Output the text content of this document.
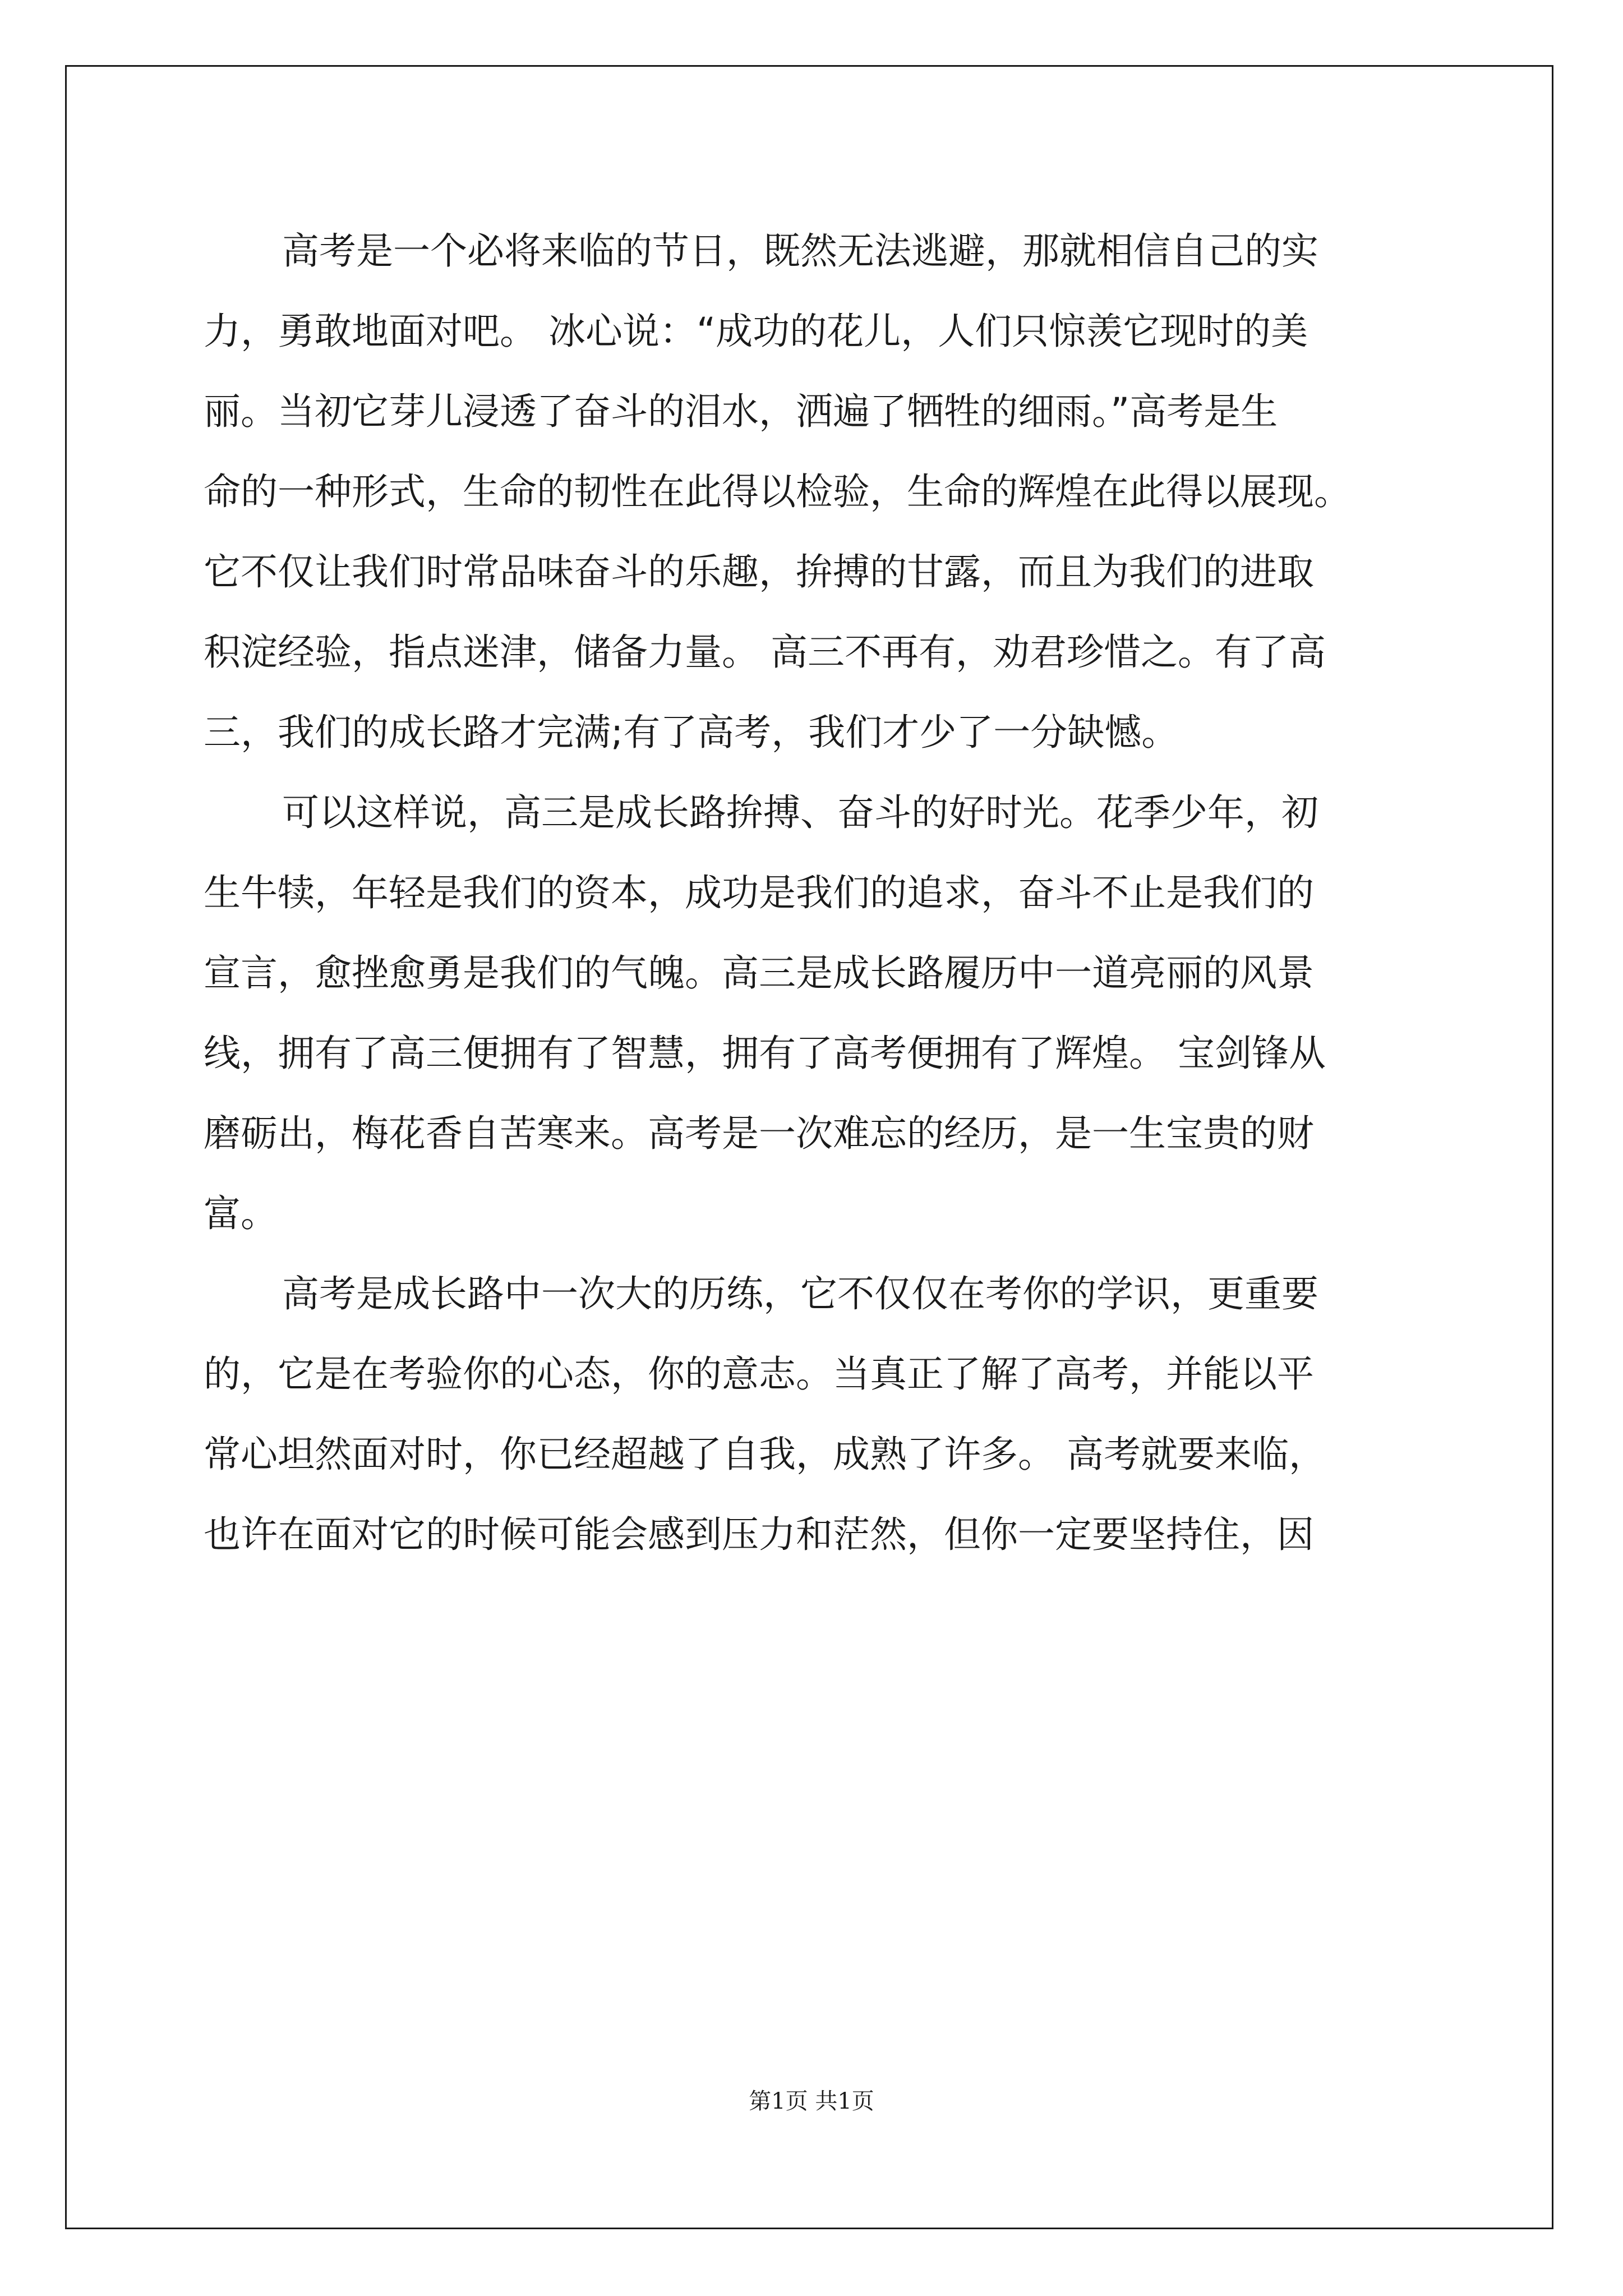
高考是一个必将来临的节日，既然无法逃避，那就相信自己的实
力，勇敢地面对吧。 冰心说：“成功的花儿，人们只惊羡它现时的美
丽。当初它芽儿浸透了奋斗的泪水，洒遍了牺牲的细雨。”高考是生
命的一种形式，生命的韧性在此得以检验，生命的辉煌在此得以展现。
它不仅让我们时常品味奋斗的乐趣，拚搏的甘露，而且为我们的进取
积淀经验，指点迷津，储备力量。 高三不再有，劝君珍惜之。有了高
三，我们的成长路才完满;有了高考，我们才少了一分缺憾。
可以这样说，高三是成长路拚搏、奋斗的好时光。花季少年，初
生牛犊，年轻是我们的资本，成功是我们的追求，奋斗不止是我们的
宣言，愈挫愈勇是我们的气魄。高三是成长路履历中一道亮丽的风景
线，拥有了高三便拥有了智慧，拥有了高考便拥有了辉煌。 宝剑锋从
磨砺出，梅花香自苦寒来。高考是一次难忘的经历，是一生宝贵的财
富。
高考是成长路中一次大的历练，它不仅仅在考你的学识，更重要
的，它是在考验你的心态，你的意志。当真正了解了高考，并能以平
常心坦然面对时，你已经超越了自我，成熟了许多。 高考就要来临，
也许在面对它的时候可能会感到压力和茫然，但你一定要坚持住，因
第1页 共1页
